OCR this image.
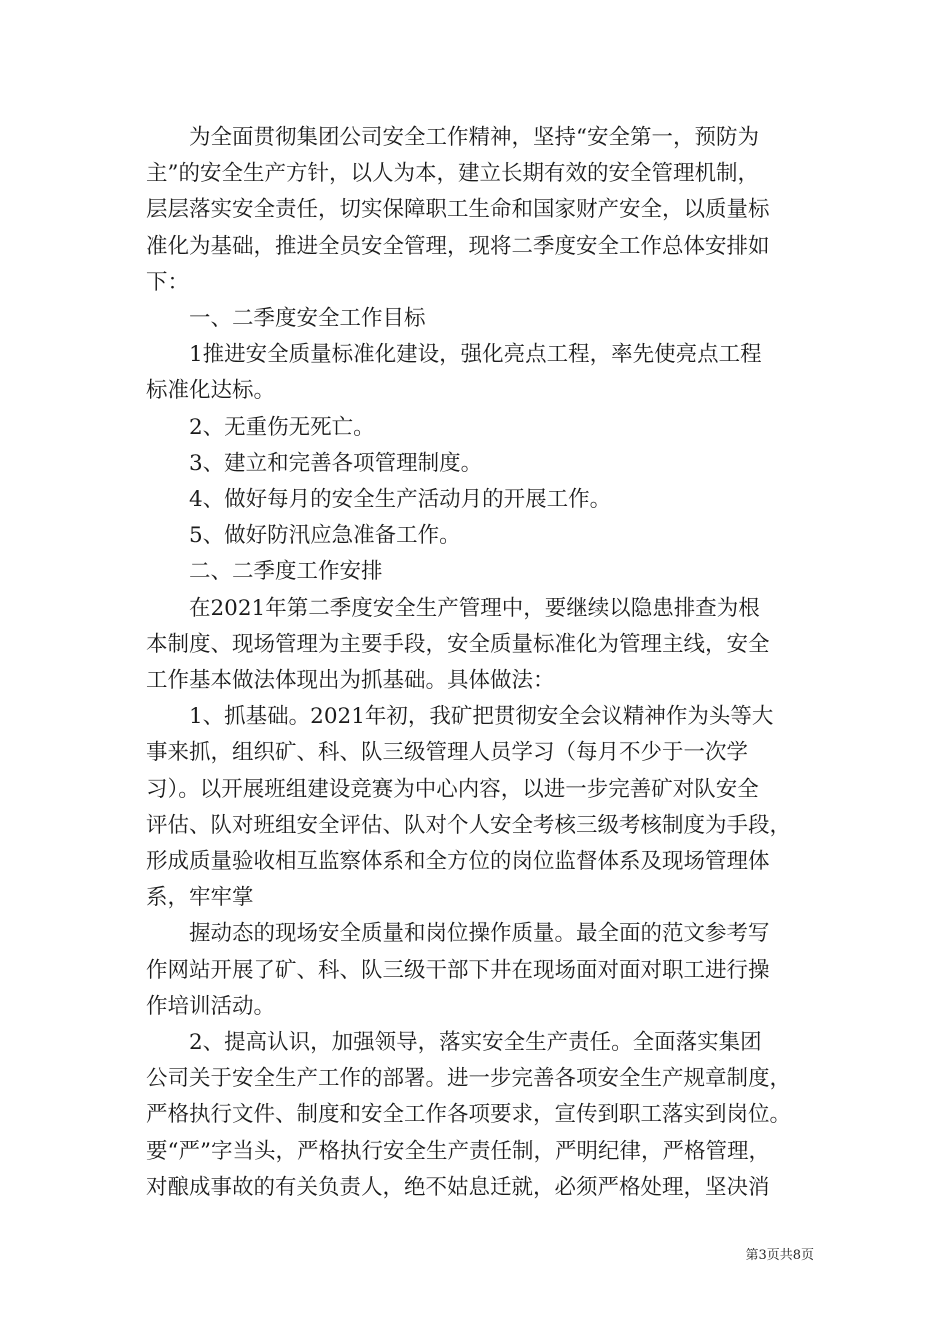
为全面贯彻集团公司安全工作精神，坚持“安全第一，预防为
主”的安全生产方针，以人为本，建立长期有效的安全管理机制，
层层落实安全责任，切实保障职工生命和国家财产安全，以质量标
准化为基础，推进全员安全管理，现将二季度安全工作总体安排如
下：

一、二季度安全工作目标

1推进安全质量标准化建设，强化亮点工程，率先使亮点工程
标准化达标。

2、无重伤无死亡。

3、建立和完善各项管理制度。

4、做好每月的安全生产活动月的开展工作。

5、做好防汛应急准备工作。

二、二季度工作安排

在2021年第二季度安全生产管理中，要继续以隐患排查为根
本制度、现场管理为主要手段，安全质量标准化为管理主线，安全
工作基本做法体现出为抓基础。具体做法：

1、抓基础。2021年初，我矿把贯彻安全会议精神作为头等大
事来抓，组织矿、科、队三级管理人员学习（每月不少于一次学
习）。以开展班组建设竞赛为中心内容，以进一步完善矿对队安全
评估、队对班组安全评估、队对个人安全考核三级考核制度为手段，
形成质量验收相互监察体系和全方位的岗位监督体系及现场管理体
系，牢牢掌

握动态的现场安全质量和岗位操作质量。最全面的范文参考写
作网站开展了矿、科、队三级干部下井在现场面对面对职工进行操
作培训活动。

2、提高认识，加强领导，落实安全生产责任。全面落实集团
公司关于安全生产工作的部署。进一步完善各项安全生产规章制度，
严格执行文件、制度和安全工作各项要求，宣传到职工落实到岗位。
要“严”字当头，严格执行安全生产责任制，严明纪律，严格管理，
对酿成事故的有关负责人，绝不姑息迁就，必须严格处理，坚决消

第3页共8页
